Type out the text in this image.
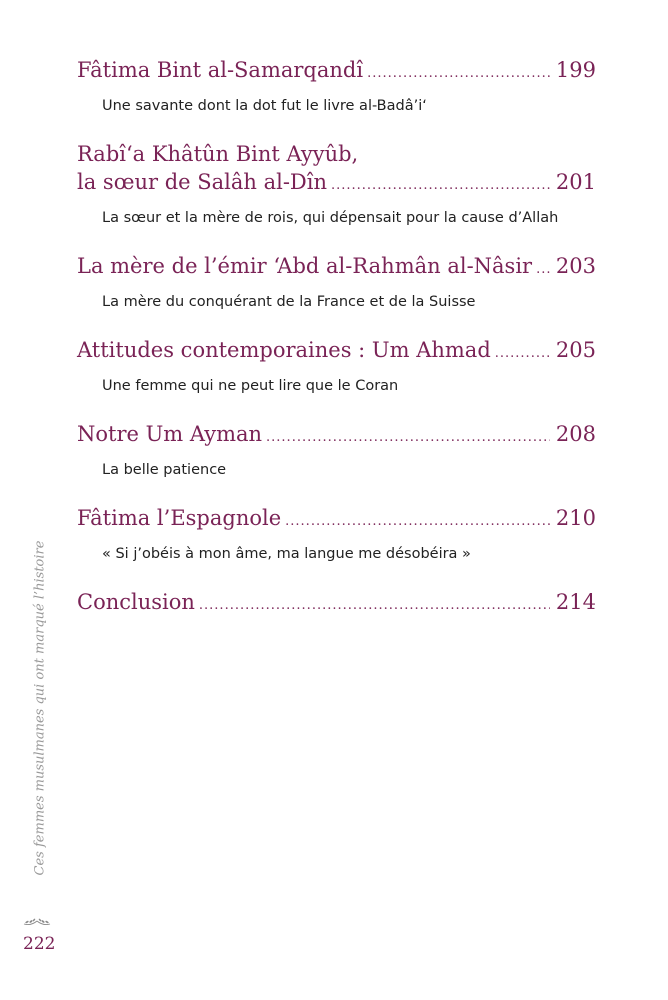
Fâtima Bint al-Samarqandî .....	199
Une savante dont la dot fut le livre al-Badâ’i‘
Rabî‘a Khâtûn Bint Ayyûb,
la sœur de Salâh al-Dîn .....	201
La sœur et la mère de rois, qui dépensait pour la cause d’Allah
La mère de l’émir ‘Abd al-Rahmân al-Nâsir ..... 203
La mère du conquérant de la France et de la Suisse
Attitudes contemporaines : Um Ahmad .....	205
Une femme qui ne peut lire que le Coran
Notre Um Ayman .....	208
La belle patience
Fâtima l’Espagnole .....	210
« Si j’obéis à mon âme, ma langue me désobéira »
Conclusion .....	214
Ces femmes musulmanes qui ont marqué l’histoire
222
